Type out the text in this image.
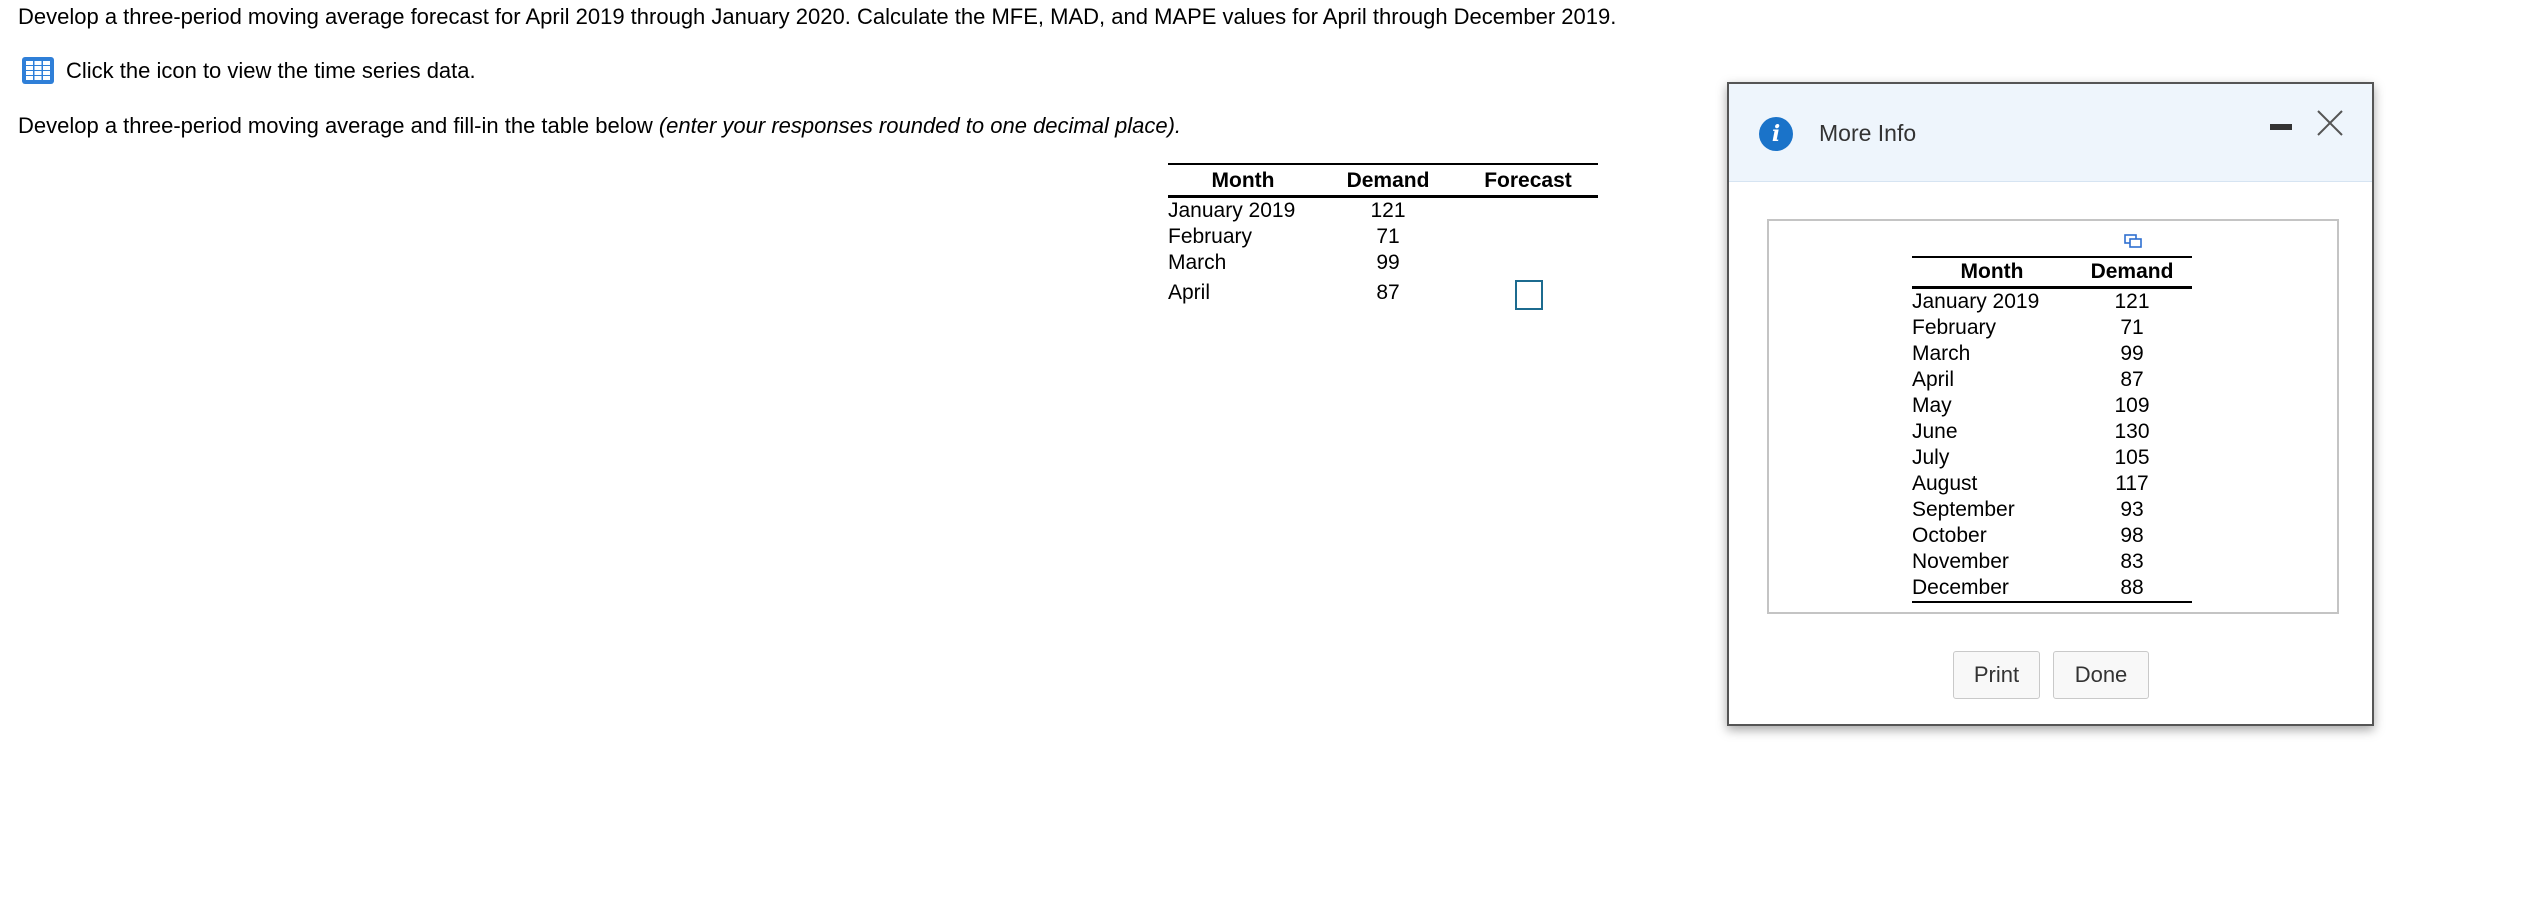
Develop a three-period moving average forecast for April 2019 through January 2020. Calculate the MFE, MAD, and MAPE values for April through December 2019.
Click the icon to view the time series data.
Develop a three-period moving average and fill-in the table below (enter your responses rounded to one decimal place).
Month	Demand	Forecast
January 2019	121	
February	71	
March	99	
April	87	
i	More Info
Month	Demand
January 2019	121
February	71
March	99
April	87
May	109
June	130
July	105
August	117
September	93
October	98
November	83
December	88
Print	Done
